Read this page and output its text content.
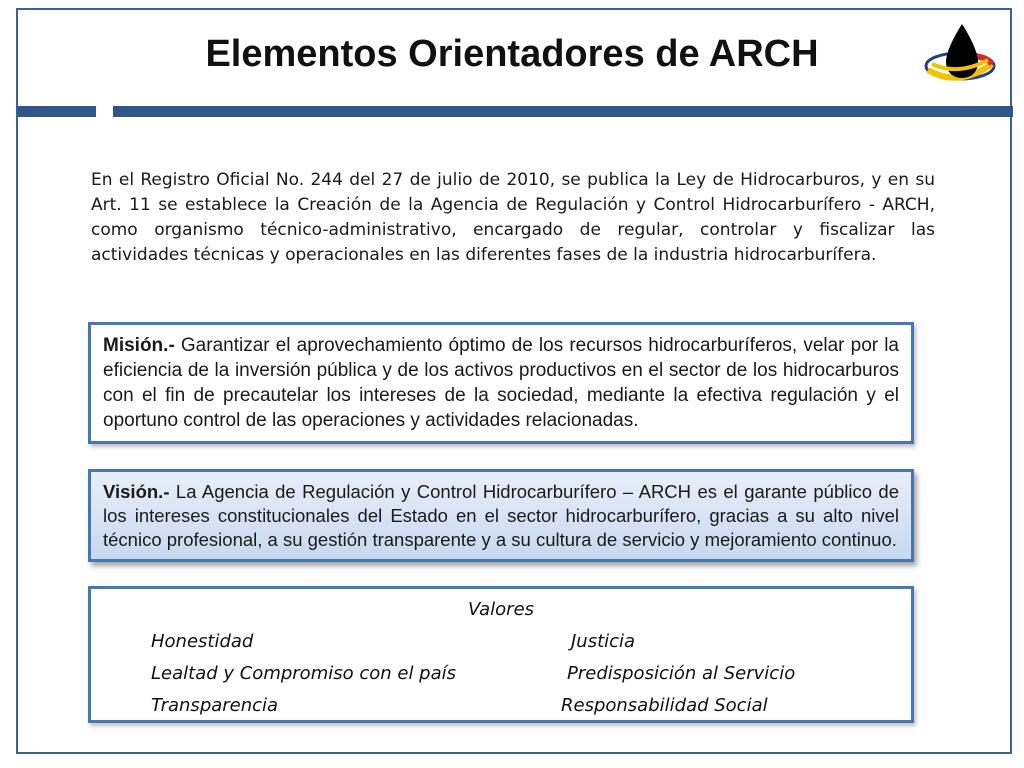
Elementos Orientadores de ARCH

En el Registro Oficial No. 244 del 27 de julio de 2010, se publica la Ley de Hidrocarburos, y en su Art. 11 se establece la Creación de la Agencia de Regulación y Control Hidrocarburífero - ARCH, como organismo técnico-administrativo, encargado de regular, controlar y fiscalizar las actividades técnicas y operacionales en las diferentes fases de la industria hidrocarburífera.

Misión.- Garantizar el aprovechamiento óptimo de los recursos hidrocarburíferos, velar por la eficiencia de la inversión pública y de los activos productivos en el sector de los hidrocarburos con el fin de precautelar los intereses de la sociedad, mediante la efectiva regulación y el oportuno control de las operaciones y actividades relacionadas.
Visión.- La Agencia de Regulación y Control Hidrocarburífero – ARCH es el garante público de los intereses constitucionales del Estado en el sector hidrocarburífero, gracias a su alto nivel técnico profesional, a su gestión transparente y a su cultura de servicio y mejoramiento continuo.
Valores
Honestidad	Justicia
Lealtad y Compromiso con el país	Predisposición al Servicio
Transparencia	Responsabilidad Social
